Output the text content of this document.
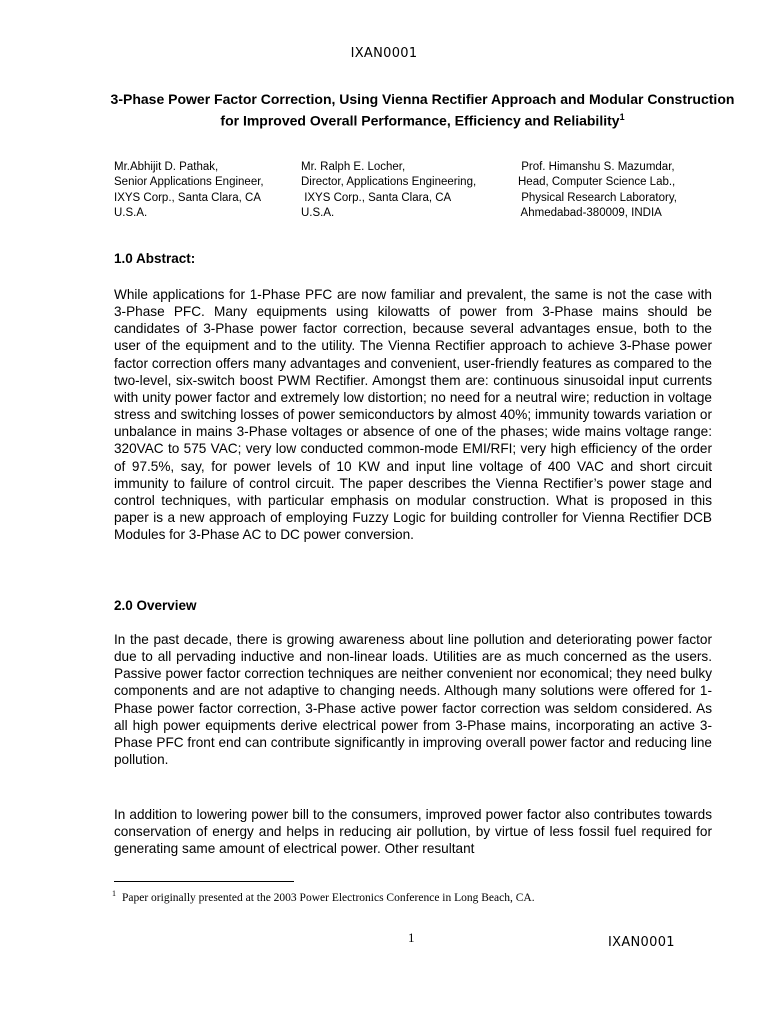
IXAN0001
3-Phase Power Factor Correction, Using Vienna Rectifier Approach and Modular Construction for Improved Overall Performance, Efficiency and Reliability$^1$
Mr.Abhijit D. Pathak,
Senior Applications Engineer,
IXYS Corp., Santa Clara, CA
U.S.A.
Mr. Ralph E. Locher,
Director, Applications Engineering,
IXYS Corp., Santa Clara, CA
U.S.A.
Prof. Himanshu S. Mazumdar,
Head, Computer Science Lab.,
Physical Research Laboratory,
Ahmedabad-380009, INDIA
1.0 Abstract:

While applications for 1-Phase PFC are now familiar and prevalent, the same is not the case with 3-Phase PFC. Many equipments using kilowatts of power from 3-Phase mains should be candidates of 3-Phase power factor correction, because several advantages ensue, both to the user of the equipment and to the utility. The Vienna Rectifier approach to achieve 3-Phase power factor correction offers many advantages and convenient, user-friendly features as compared to the two-level, six-switch boost PWM Rectifier. Amongst them are: continuous sinusoidal input currents with unity power factor and extremely low distortion; no need for a neutral wire; reduction in voltage stress and switching losses of power semiconductors by almost 40%; immunity towards variation or unbalance in mains 3-Phase voltages or absence of one of the phases; wide mains voltage range: 320VAC to 575 VAC; very low conducted common-mode EMI/RFI; very high efficiency of the order of 97.5%, say, for power levels of 10 KW and input line voltage of 400 VAC and short circuit immunity to failure of control circuit. The paper describes the Vienna Rectifier’s power stage and control techniques, with particular emphasis on modular construction. What is proposed in this paper is a new approach of employing Fuzzy Logic for building controller for Vienna Rectifier DCB Modules for 3-Phase AC to DC power conversion.

2.0 Overview

In the past decade, there is growing awareness about line pollution and deteriorating power factor due to all pervading inductive and non-linear loads. Utilities are as much concerned as the users. Passive power factor correction techniques are neither convenient nor economical; they need bulky components and are not adaptive to changing needs. Although many solutions were offered for 1-Phase power factor correction, 3-Phase active power factor correction was seldom considered. As all high power equipments derive electrical power from 3-Phase mains, incorporating an active 3-Phase PFC front end can contribute significantly in improving overall power factor and reducing line pollution.

In addition to lowering power bill to the consumers, improved power factor also contributes towards conservation of energy and helps in reducing air pollution, by virtue of less fossil fuel required for generating same amount of electrical power. Other resultant

$^1$ Paper originally presented at the 2003 Power Electronics Conference in Long Beach, CA.
1	IXAN0001
